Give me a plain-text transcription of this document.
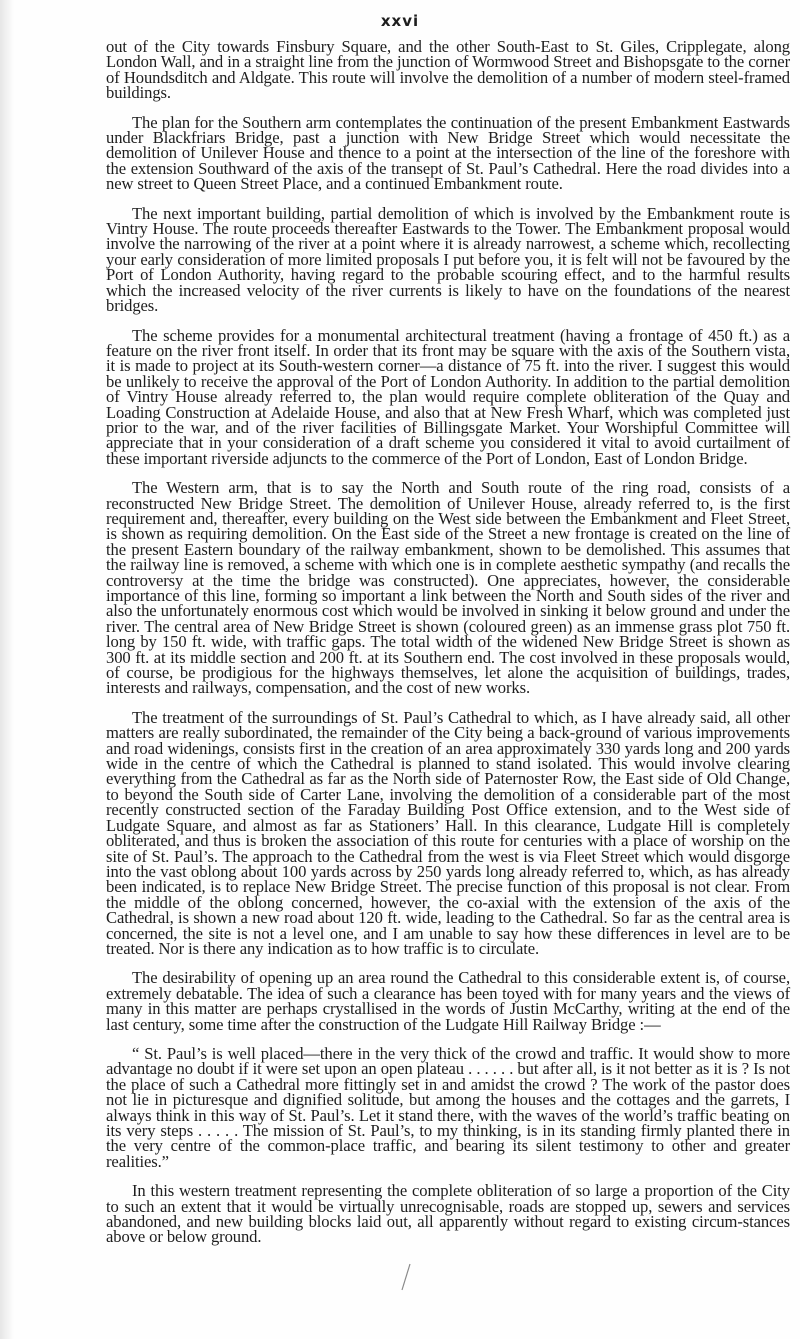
xxvi

out of the City towards Finsbury Square, and the other South-East to St. Giles, Cripplegate, along London Wall, and in a straight line from the junction of Wormwood Street and Bishopsgate to the corner of Houndsditch and Aldgate. This route will involve the demolition of a number of modern steel-framed buildings.

The plan for the Southern arm contemplates the continuation of the present Embankment Eastwards under Blackfriars Bridge, past a junction with New Bridge Street which would necessitate the demolition of Unilever House and thence to a point at the intersection of the line of the foreshore with the extension Southward of the axis of the transept of St. Paul’s Cathedral. Here the road divides into a new street to Queen Street Place, and a continued Embankment route.

The next important building, partial demolition of which is involved by the Embankment route is Vintry House. The route proceeds thereafter Eastwards to the Tower. The Embankment proposal would involve the narrowing of the river at a point where it is already narrowest, a scheme which, recollecting your early consideration of more limited proposals I put before you, it is felt will not be favoured by the Port of London Authority, having regard to the probable scouring effect, and to the harmful results which the increased velocity of the river currents is likely to have on the foundations of the nearest bridges.

The scheme provides for a monumental architectural treatment (having a frontage of 450 ft.) as a feature on the river front itself. In order that its front may be square with the axis of the Southern vista, it is made to project at its South-western corner—a distance of 75 ft. into the river. I suggest this would be unlikely to receive the approval of the Port of London Authority. In addition to the partial demolition of Vintry House already referred to, the plan would require complete obliteration of the Quay and Loading Construction at Adelaide House, and also that at New Fresh Wharf, which was completed just prior to the war, and of the river facilities of Billingsgate Market. Your Worshipful Committee will appreciate that in your consideration of a draft scheme you considered it vital to avoid curtailment of these important riverside adjuncts to the commerce of the Port of London, East of London Bridge.

The Western arm, that is to say the North and South route of the ring road, consists of a reconstructed New Bridge Street. The demolition of Unilever House, already referred to, is the first requirement and, thereafter, every building on the West side between the Embankment and Fleet Street, is shown as requiring demolition. On the East side of the Street a new frontage is created on the line of the present Eastern boundary of the railway embankment, shown to be demolished. This assumes that the railway line is removed, a scheme with which one is in complete aesthetic sympathy (and recalls the controversy at the time the bridge was constructed). One appreciates, however, the considerable importance of this line, forming so important a link between the North and South sides of the river and also the unfortunately enormous cost which would be involved in sinking it below ground and under the river. The central area of New Bridge Street is shown (coloured green) as an immense grass plot 750 ft. long by 150 ft. wide, with traffic gaps. The total width of the widened New Bridge Street is shown as 300 ft. at its middle section and 200 ft. at its Southern end. The cost involved in these proposals would, of course, be prodigious for the highways themselves, let alone the acquisition of buildings, trades, interests and railways, compensation, and the cost of new works.

The treatment of the surroundings of St. Paul’s Cathedral to which, as I have already said, all other matters are really subordinated, the remainder of the City being a back-ground of various improvements and road widenings, consists first in the creation of an area approximately 330 yards long and 200 yards wide in the centre of which the Cathedral is planned to stand isolated. This would involve clearing everything from the Cathedral as far as the North side of Paternoster Row, the East side of Old Change, to beyond the South side of Carter Lane, involving the demolition of a considerable part of the most recently constructed section of the Faraday Building Post Office extension, and to the West side of Ludgate Square, and almost as far as Stationers’ Hall. In this clearance, Ludgate Hill is completely obliterated, and thus is broken the association of this route for centuries with a place of worship on the site of St. Paul’s. The approach to the Cathedral from the west is via Fleet Street which would disgorge into the vast oblong about 100 yards across by 250 yards long already referred to, which, as has already been indicated, is to replace New Bridge Street. The precise function of this proposal is not clear. From the middle of the oblong concerned, however, the co-axial with the extension of the axis of the Cathedral, is shown a new road about 120 ft. wide, leading to the Cathedral. So far as the central area is concerned, the site is not a level one, and I am unable to say how these differences in level are to be treated. Nor is there any indication as to how traffic is to circulate.

The desirability of opening up an area round the Cathedral to this considerable extent is, of course, extremely debatable. The idea of such a clearance has been toyed with for many years and the views of many in this matter are perhaps crystallised in the words of Justin McCarthy, writing at the end of the last century, some time after the construction of the Ludgate Hill Railway Bridge :—

“ St. Paul’s is well placed—there in the very thick of the crowd and traffic. It would show to more advantage no doubt if it were set upon an open plateau . . . . . . but after all, is it not better as it is ? Is not the place of such a Cathedral more fittingly set in and amidst the crowd ? The work of the pastor does not lie in picturesque and dignified solitude, but among the houses and the cottages and the garrets, I always think in this way of St. Paul’s. Let it stand there, with the waves of the world’s traffic beating on its very steps . . . . . The mission of St. Paul’s, to my thinking, is in its standing firmly planted there in the very centre of the common-place traffic, and bearing its silent testimony to other and greater realities.”

In this western treatment representing the complete obliteration of so large a proportion of the City to such an extent that it would be virtually unrecognisable, roads are stopped up, sewers and services abandoned, and new building blocks laid out, all apparently without regard to existing circum-stances above or below ground.
